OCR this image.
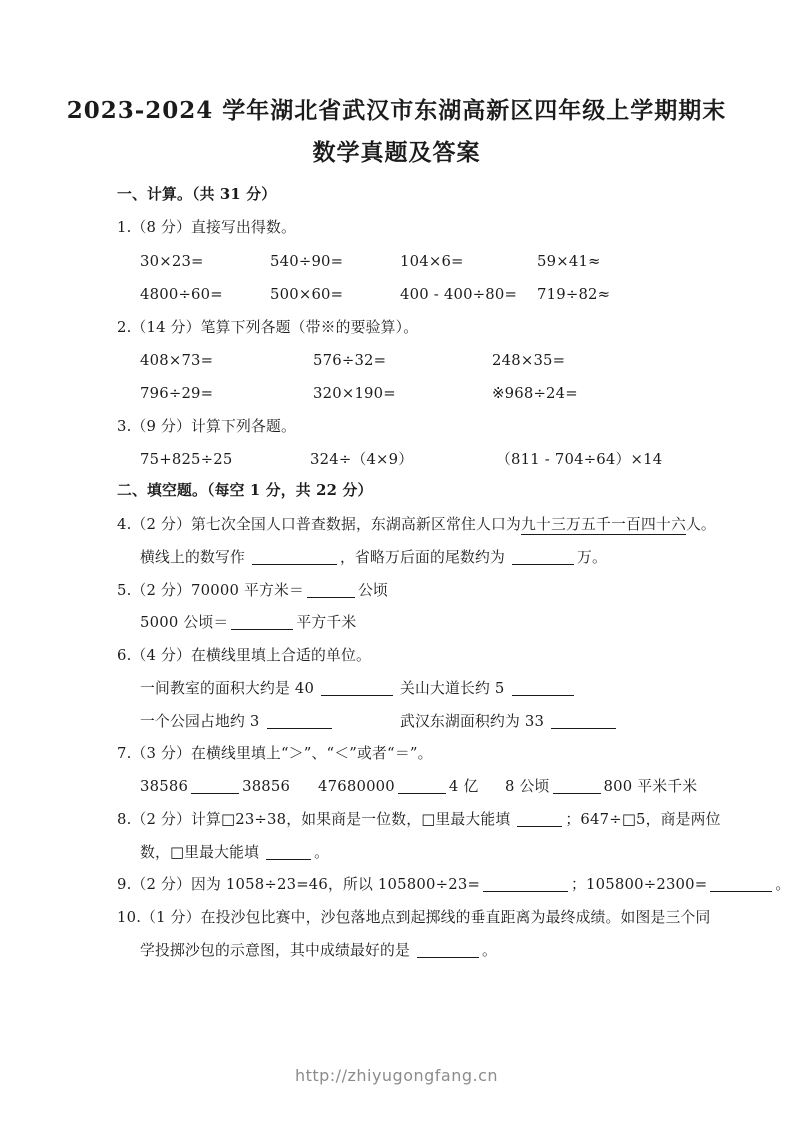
2023-2024 学年湖北省武汉市东湖高新区四年级上学期期末
数学真题及答案
一、计算。（共 31 分）
1.（8 分）直接写出得数。
30×23=	540÷90=	104×6=	59×41≈
4800÷60=	500×60=	400 - 400÷80= 719÷82≈
2.（14 分）笔算下列各题（带※的要验算）。
408×73=	576÷32=	248×35=
796÷29=	320×190=	※968÷24=
3.（9 分）计算下列各题。
75+825÷25	324÷（4×9）	（811 - 704÷64）×14
二、填空题。（每空 1 分，共 22 分）
4.（2 分）第七次全国人口普查数据，东湖高新区常住人口为九十三万五千一百四十六人。
横线上的数写作	，省略万后面的尾数约为	万。
5.（2 分）70000 平方米＝	公顷
5000 公顷＝	平方千米
6.（4 分）在横线里填上合适的单位。
一间教室的面积大约是 40	关山大道长约 5
一个公园占地约 3	武汉东湖面积约为 33
7.（3 分）在横线里填上“＞”、“＜”或者“＝”。
38586	38856 47680000	4 亿 8 公顷	800 平米千米
8.（2 分）计算□23÷38，如果商是一位数，□里最大能填	；647÷□5，商是两位
数，□里最大能填	。
9.（2 分）因为 1058÷23=46，所以 105800÷23=	；105800÷2300=	。
10.（1 分）在投沙包比赛中，沙包落地点到起掷线的垂直距离为最终成绩。如图是三个同
学投掷沙包的示意图，其中成绩最好的是	。
http://zhiyugongfang.cn
